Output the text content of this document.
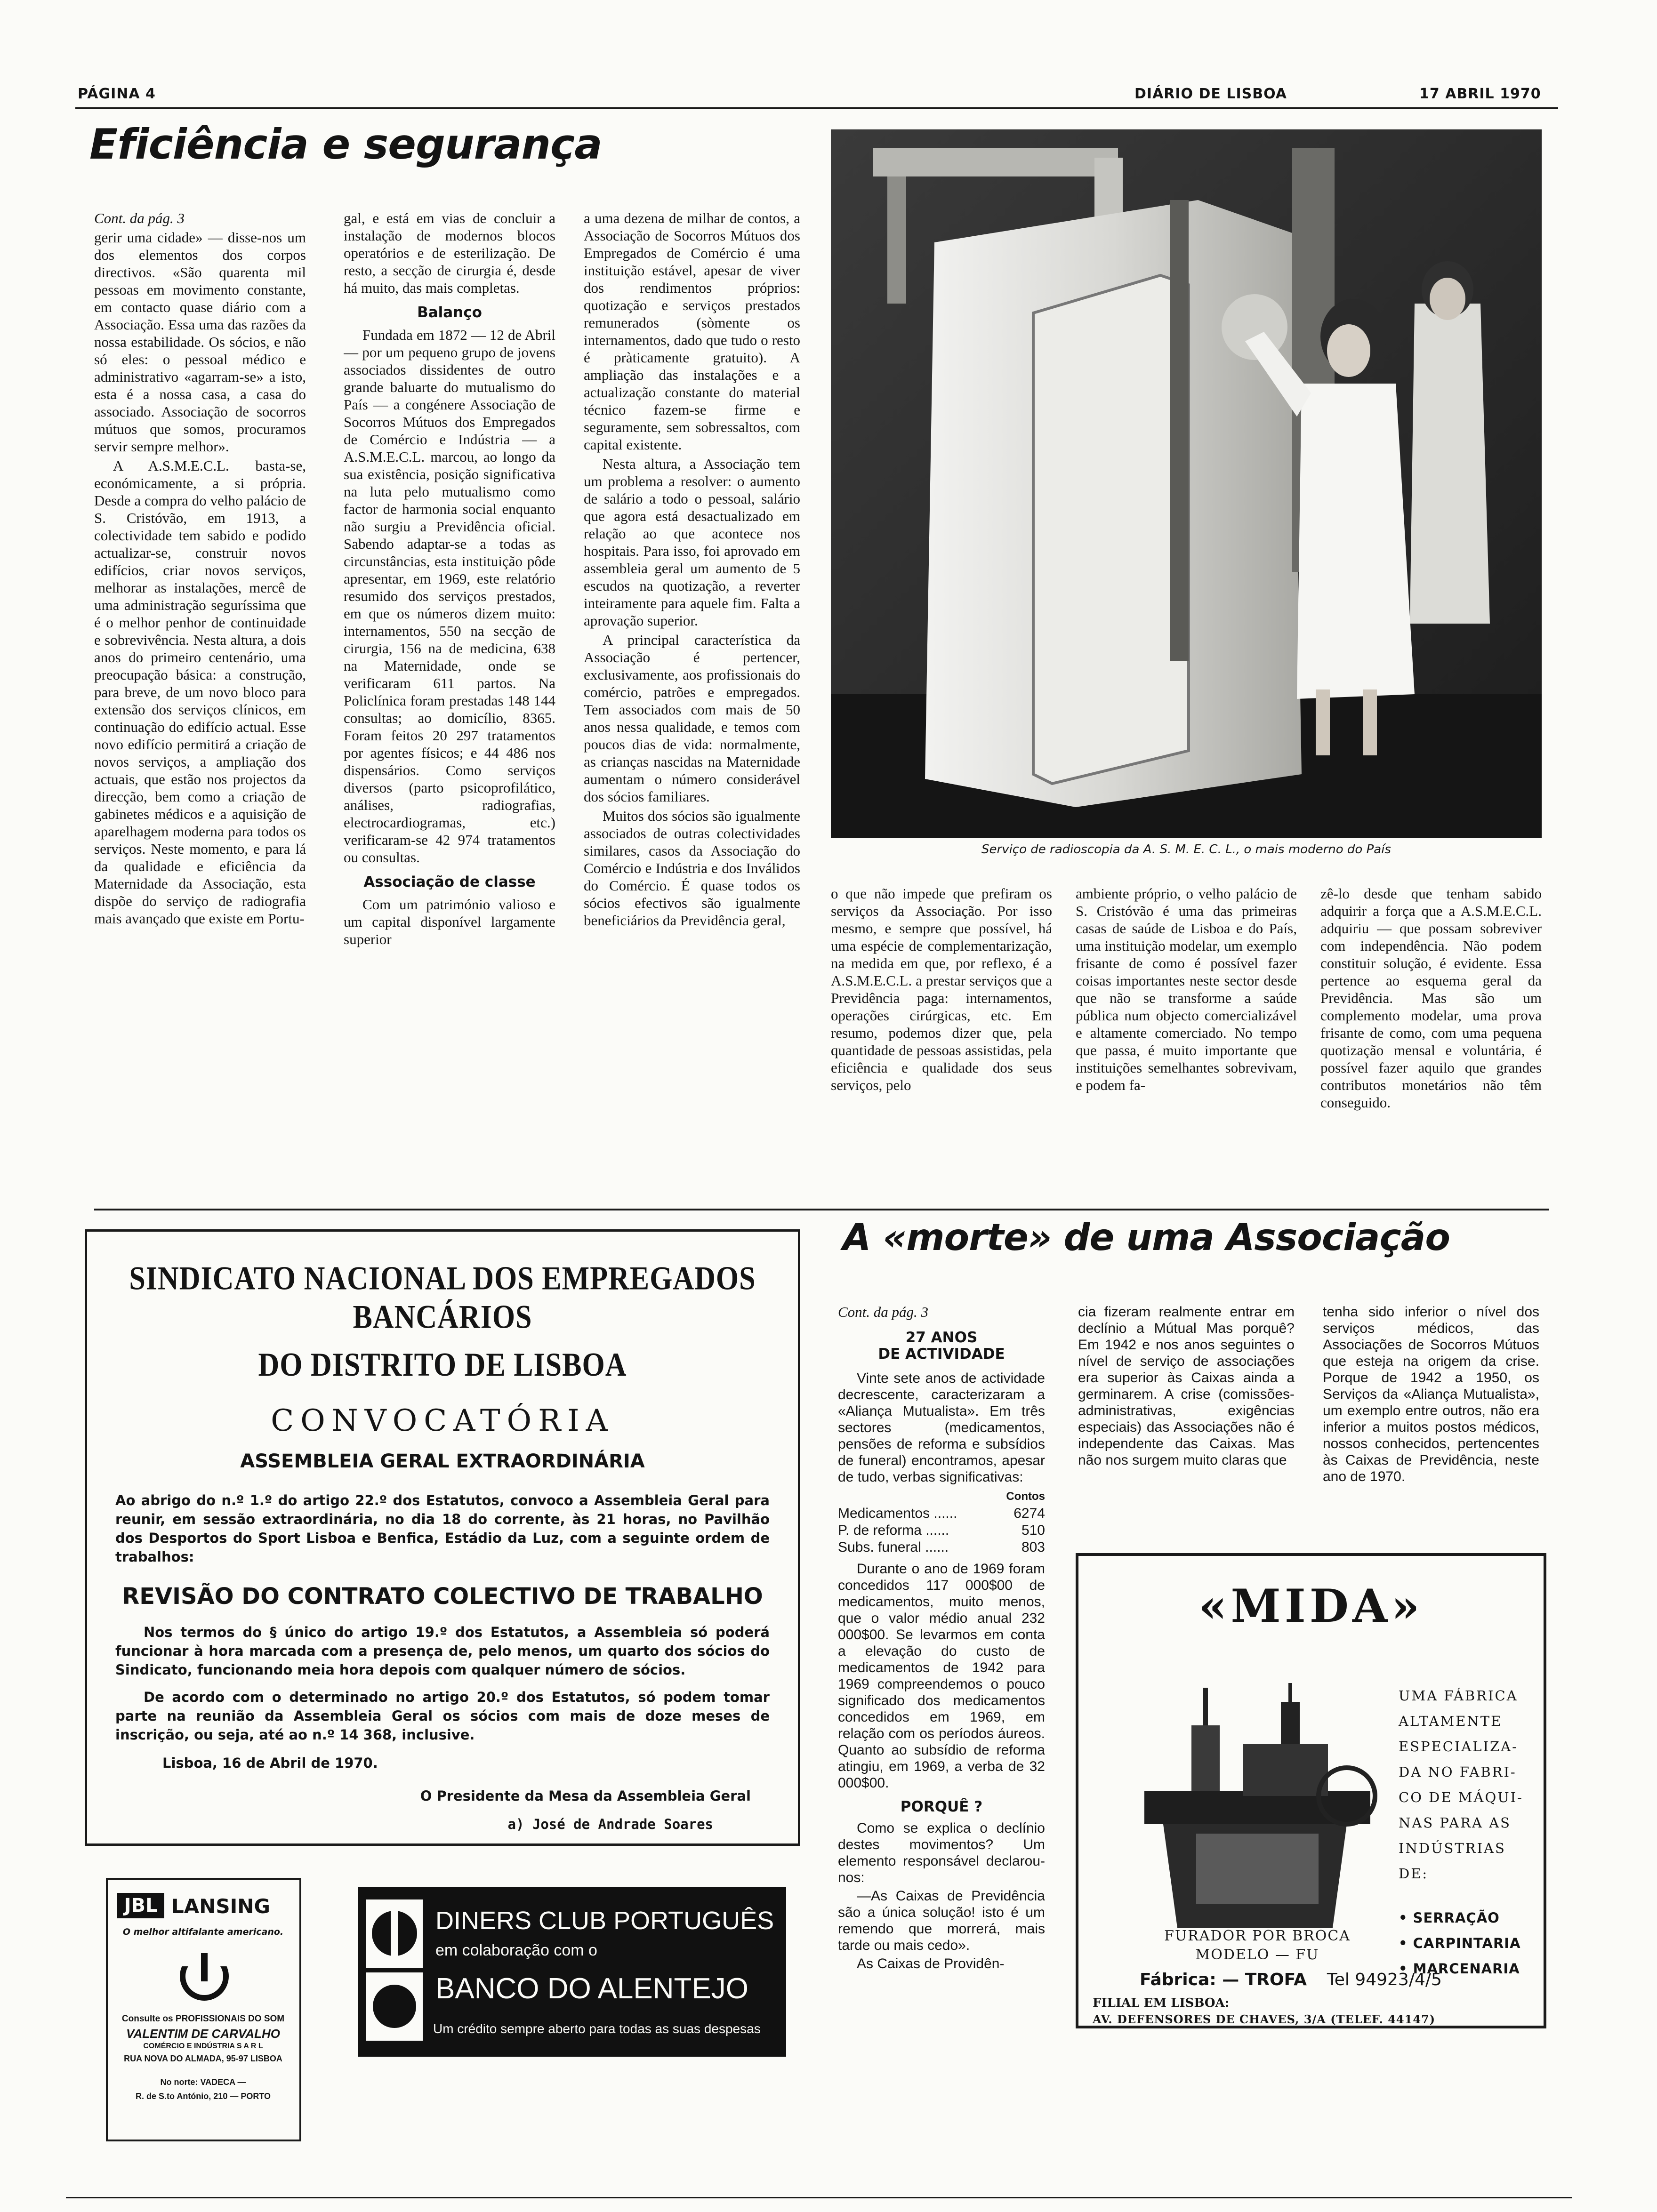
PÁGINA 4	DIÁRIO DE LISBOA	17 ABRIL 1970
Eficiência e segurança
Cont. da pág. 3

gerir uma cidade» — disse-nos um dos elementos dos corpos directivos. «São quarenta mil pessoas em movimento constante, em contacto quase diário com a Associação. Essa uma das razões da nossa estabilidade. Os sócios, e não só eles: o pessoal médico e administrativo «agarram-se» a isto, esta é a nossa casa, a casa do associado. Associação de socorros mútuos que somos, procuramos servir sempre melhor».

A A.S.M.E.C.L. basta-se, económicamente, a si própria. Desde a compra do velho palácio de S. Cristóvão, em 1913, a colectividade tem sabido e podido actualizar-se, construir novos edifícios, criar novos serviços, melhorar as instalações, mercê de uma administração seguríssima que é o melhor penhor de continuidade e sobrevivência. Nesta altura, a dois anos do primeiro centenário, uma preocupação básica: a construção, para breve, de um novo bloco para extensão dos serviços clínicos, em continuação do edifício actual. Esse novo edifício permitirá a criação de novos serviços, a ampliação dos actuais, que estão nos projectos da direcção, bem como a criação de gabinetes médicos e a aquisição de aparelhagem moderna para todos os serviços. Neste momento, e para lá da qualidade e eficiência da Maternidade da Associação, esta dispõe do serviço de radiografia mais avançado que existe em Portu-

gal, e está em vias de concluir a instalação de modernos blocos operatórios e de esterilização. De resto, a secção de cirurgia é, desde há muito, das mais completas.

Balanço

Fundada em 1872 — 12 de Abril — por um pequeno grupo de jovens associados dissidentes de outro grande baluarte do mutualismo do País — a congénere Associação de Socorros Mútuos dos Empregados de Comércio e Indústria — a A.S.M.E.C.L. marcou, ao longo da sua existência, posição significativa na luta pelo mutualismo como factor de harmonia social enquanto não surgiu a Previdência oficial. Sabendo adaptar-se a todas as circunstâncias, esta instituição pôde apresentar, em 1969, este relatório resumido dos serviços prestados, em que os números dizem muito: internamentos, 550 na secção de cirurgia, 156 na de medicina, 638 na Maternidade, onde se verificaram 611 partos. Na Policlínica foram prestadas 148 144 consultas; ao domicílio, 8365. Foram feitos 20 297 tratamentos por agentes físicos; e 44 486 nos dispensários. Como serviços diversos (parto psicoprofilático, análises, radiografias, electrocardiogramas, etc.) verificaram-se 42 974 tratamentos ou consultas.

Associação de classe

Com um património valioso e um capital disponível largamente superior

a uma dezena de milhar de contos, a Associação de Socorros Mútuos dos Empregados de Comércio é uma instituição estável, apesar de viver dos rendimentos próprios: quotização e serviços prestados remunerados (sòmente os internamentos, dado que tudo o resto é pràticamente gratuito). A ampliação das instalações e a actualização constante do material técnico fazem-se firme e seguramente, sem sobressaltos, com capital existente.

Nesta altura, a Associação tem um problema a resolver: o aumento de salário a todo o pessoal, salário que agora está desactualizado em relação ao que acontece nos hospitais. Para isso, foi aprovado em assembleia geral um aumento de 5 escudos na quotização, a reverter inteiramente para aquele fim. Falta a aprovação superior.

A principal característica da Associação é pertencer, exclusivamente, aos profissionais do comércio, patrões e empregados. Tem associados com mais de 50 anos nessa qualidade, e temos com poucos dias de vida: normalmente, as crianças nascidas na Maternidade aumentam o número considerável dos sócios familiares.

Muitos dos sócios são igualmente associados de outras colectividades similares, casos da Associação do Comércio e Indústria e dos Inválidos do Comércio. É quase todos os sócios efectivos são igualmente beneficiários da Previdência geral,

Serviço de radioscopia da A. S. M. E. C. L., o mais moderno do País

o que não impede que prefiram os serviços da Associação. Por isso mesmo, e sempre que possível, há uma espécie de complementarização, na medida em que, por reflexo, é a A.S.M.E.C.L. a prestar serviços que a Previdência paga: internamentos, operações cirúrgicas, etc. Em resumo, podemos dizer que, pela quantidade de pessoas assistidas, pela eficiência e qualidade dos seus serviços, pelo

ambiente próprio, o velho palácio de S. Cristóvão é uma das primeiras casas de saúde de Lisboa e do País, uma instituição modelar, um exemplo frisante de como é possível fazer coisas importantes neste sector desde que não se transforme a saúde pública num objecto comercializável e altamente comerciado. No tempo que passa, é muito importante que instituições semelhantes sobrevivam, e podem fa-

zê-lo desde que tenham sabido adquirir a força que a A.S.M.E.C.L. adquiriu — que possam sobreviver com independência. Não podem constituir solução, é evidente. Essa pertence ao esquema geral da Previdência. Mas são um complemento modelar, uma prova frisante de como, com uma pequena quotização mensal e voluntária, é possível fazer aquilo que grandes contributos monetários não têm conseguido.

SINDICATO NACIONAL DOS EMPREGADOS BANCÁRIOS
DO DISTRITO DE LISBOA
CONVOCATÓRIA
ASSEMBLEIA GERAL EXTRAORDINÁRIA
Ao abrigo do n.º 1.º do artigo 22.º dos Estatutos, convoco a Assembleia Geral para reunir, em sessão extraordinária, no dia 18 do corrente, às 21 horas, no Pavilhão dos Desportos do Sport Lisboa e Benfica, Estádio da Luz, com a seguinte ordem de trabalhos:
REVISÃO DO CONTRATO COLECTIVO DE TRABALHO
Nos termos do § único do artigo 19.º dos Estatutos, a Assembleia só poderá funcionar à hora marcada com a presença de, pelo menos, um quarto dos sócios do Sindicato, funcionando meia hora depois com qualquer número de sócios.
De acordo com o determinado no artigo 20.º dos Estatutos, só podem tomar parte na reunião da Assembleia Geral os sócios com mais de doze meses de inscrição, ou seja, até ao n.º 14 368, inclusive.
Lisboa, 16 de Abril de 1970.
O Presidente da Mesa da Assembleia Geral
a) José de Andrade Soares
A «morte» de uma Associação
Cont. da pág. 3
27 ANOS
DE ACTIVIDADE

Vinte sete anos de actividade decrescente, caracterizaram a «Aliança Mutualista». Em três sectores (medicamentos, pensões de reforma e subsídios de funeral) encontramos, apesar de tudo, verbas significativas:

Contos
Medicamentos ......	6274
P. de reforma ......	510
Subs. funeral ......	803

Durante o ano de 1969 foram concedidos 117 000$00 de medicamentos, muito menos, que o valor médio anual 232 000$00. Se levarmos em conta a elevação do custo de medicamentos de 1942 para 1969 compreendemos o pouco significado dos medicamentos concedidos em 1969, em relação com os períodos áureos. Quanto ao subsídio de reforma atingiu, em 1969, a verba de 32 000$00.

PORQUÊ ?

Como se explica o declínio destes movimentos? Um elemento responsável declarou-nos:

—As Caixas de Previdência são a única solução! isto é um remendo que morrerá, mais tarde ou mais cedo».

As Caixas de Providên-

cia fizeram realmente entrar em declínio a Mútual Mas porquê? Em 1942 e nos anos seguintes o nível de serviço de associações era superior às Caixas ainda a germinarem. A crise (comissões-administrativas, exigências especiais) das Associações não é independente das Caixas. Mas não nos surgem muito claras que

tenha sido inferior o nível dos serviços médicos, das Associações de Socorros Mútuos que esteja na origem da crise. Porque de 1942 a 1950, os Serviços da «Aliança Mutualista», um exemplo entre outros, não era inferior a muitos postos médicos, nossos conhecidos, pertencentes às Caixas de Previdência, neste ano de 1970.

«MIDA»
UMA FÁBRICA
ALTAMENTE
ESPECIALIZA-
DA NO FABRI-
CO DE MÁQUI-
NAS PARA AS
INDÚSTRIAS
DE:
• SERRAÇÃO
• CARPINTARIA
• MARCENARIA
FURADOR POR BROCA
MODELO — FU
Fábrica: — TROFA Tel 94923/4/5
FILIAL EM LISBOA:
AV. DEFENSORES DE CHAVES, 3/A (TELEF. 44147)
JBL LANSING
O melhor altifalante americano.
Consulte os PROFISSIONAIS DO SOM
VALENTIM DE CARVALHO
COMÉRCIO E INDÚSTRIA S A R L
RUA NOVA DO ALMADA, 95-97 LISBOA
No norte: VADECA —
R. de S.to António, 210 — PORTO
DINERS CLUB PORTUGUÊS
em colaboração com o
BANCO DO ALENTEJO
Um crédito sempre aberto para todas as suas despesas
